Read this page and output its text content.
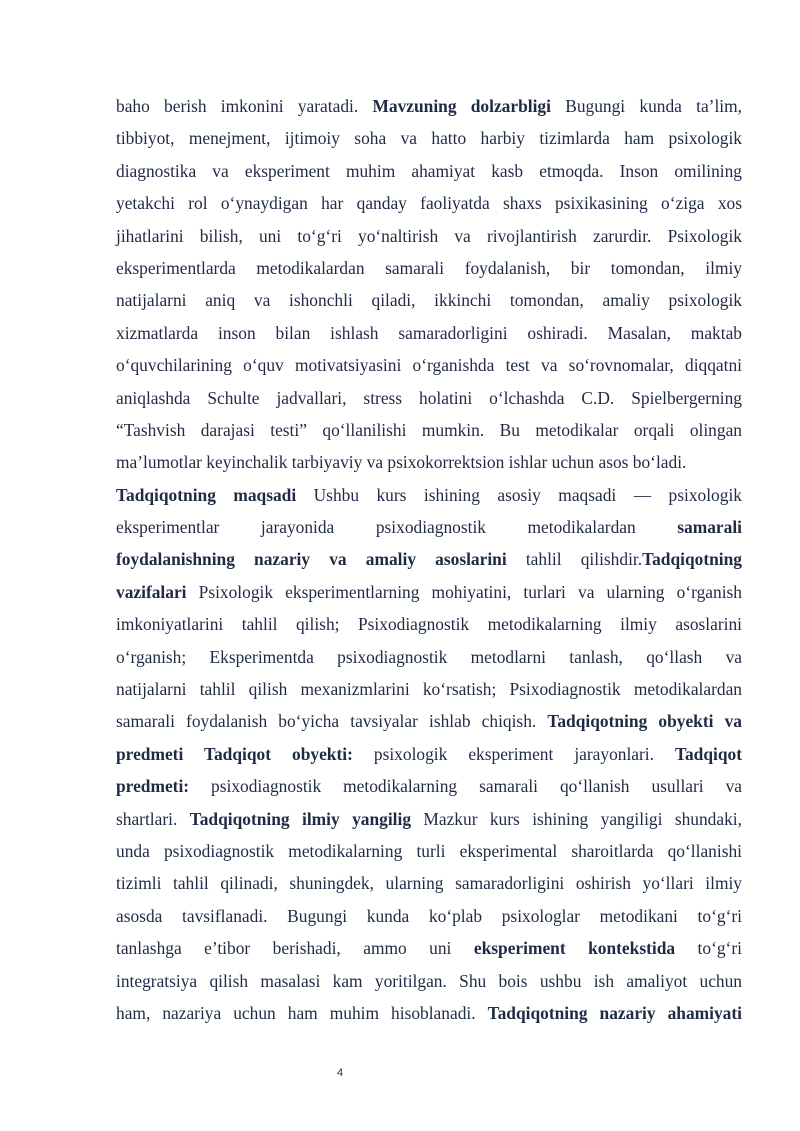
baho berish imkonini yaratadi. Mavzuning dolzarbligi Bugungi kunda ta’lim,
tibbiyot, menejment, ijtimoiy soha va hatto harbiy tizimlarda ham psixologik
diagnostika va eksperiment muhim ahamiyat kasb etmoqda. Inson omilining
yetakchi rol o‘ynaydigan har qanday faoliyatda shaxs psixikasining o‘ziga xos
jihatlarini bilish, uni to‘g‘ri yo‘naltirish va rivojlantirish zarurdir. Psixologik
eksperimentlarda metodikalardan samarali foydalanish, bir tomondan, ilmiy
natijalarni aniq va ishonchli qiladi, ikkinchi tomondan, amaliy psixologik
xizmatlarda inson bilan ishlash samaradorligini oshiradi. Masalan, maktab
o‘quvchilarining o‘quv motivatsiyasini o‘rganishda test va so‘rovnomalar, diqqatni
aniqlashda Schulte jadvallari, stress holatini o‘lchashda C.D. Spielbergerning
“Tashvish darajasi testi” qo‘llanilishi mumkin. Bu metodikalar orqali olingan
ma’lumotlar keyinchalik tarbiyaviy va psixokorrektsion ishlar uchun asos bo‘ladi.
Tadqiqotning maqsadi Ushbu kurs ishining asosiy maqsadi — psixologik
eksperimentlar jarayonida psixodiagnostik metodikalardan samarali
foydalanishning nazariy va amaliy asoslarini tahlil qilishdir.Tadqiqotning
vazifalari Psixologik eksperimentlarning mohiyatini, turlari va ularning o‘rganish
imkoniyatlarini tahlil qilish; Psixodiagnostik metodikalarning ilmiy asoslarini
o‘rganish; Eksperimentda psixodiagnostik metodlarni tanlash, qo‘llash va
natijalarni tahlil qilish mexanizmlarini ko‘rsatish; Psixodiagnostik metodikalardan
samarali foydalanish bo‘yicha tavsiyalar ishlab chiqish. Tadqiqotning obyekti va
predmeti Tadqiqot obyekti: psixologik eksperiment jarayonlari. Tadqiqot
predmeti: psixodiagnostik metodikalarning samarali qo‘llanish usullari va
shartlari. Tadqiqotning ilmiy yangilig Mazkur kurs ishining yangiligi shundaki,
unda psixodiagnostik metodikalarning turli eksperimental sharoitlarda qo‘llanishi
tizimli tahlil qilinadi, shuningdek, ularning samaradorligini oshirish yo‘llari ilmiy
asosda tavsiflanadi. Bugungi kunda ko‘plab psixologlar metodikani to‘g‘ri
tanlashga e’tibor berishadi, ammo uni eksperiment kontekstida to‘g‘ri
integratsiya qilish masalasi kam yoritilgan. Shu bois ushbu ish amaliyot uchun
ham, nazariya uchun ham muhim hisoblanadi. Tadqiqotning nazariy ahamiyati
4
